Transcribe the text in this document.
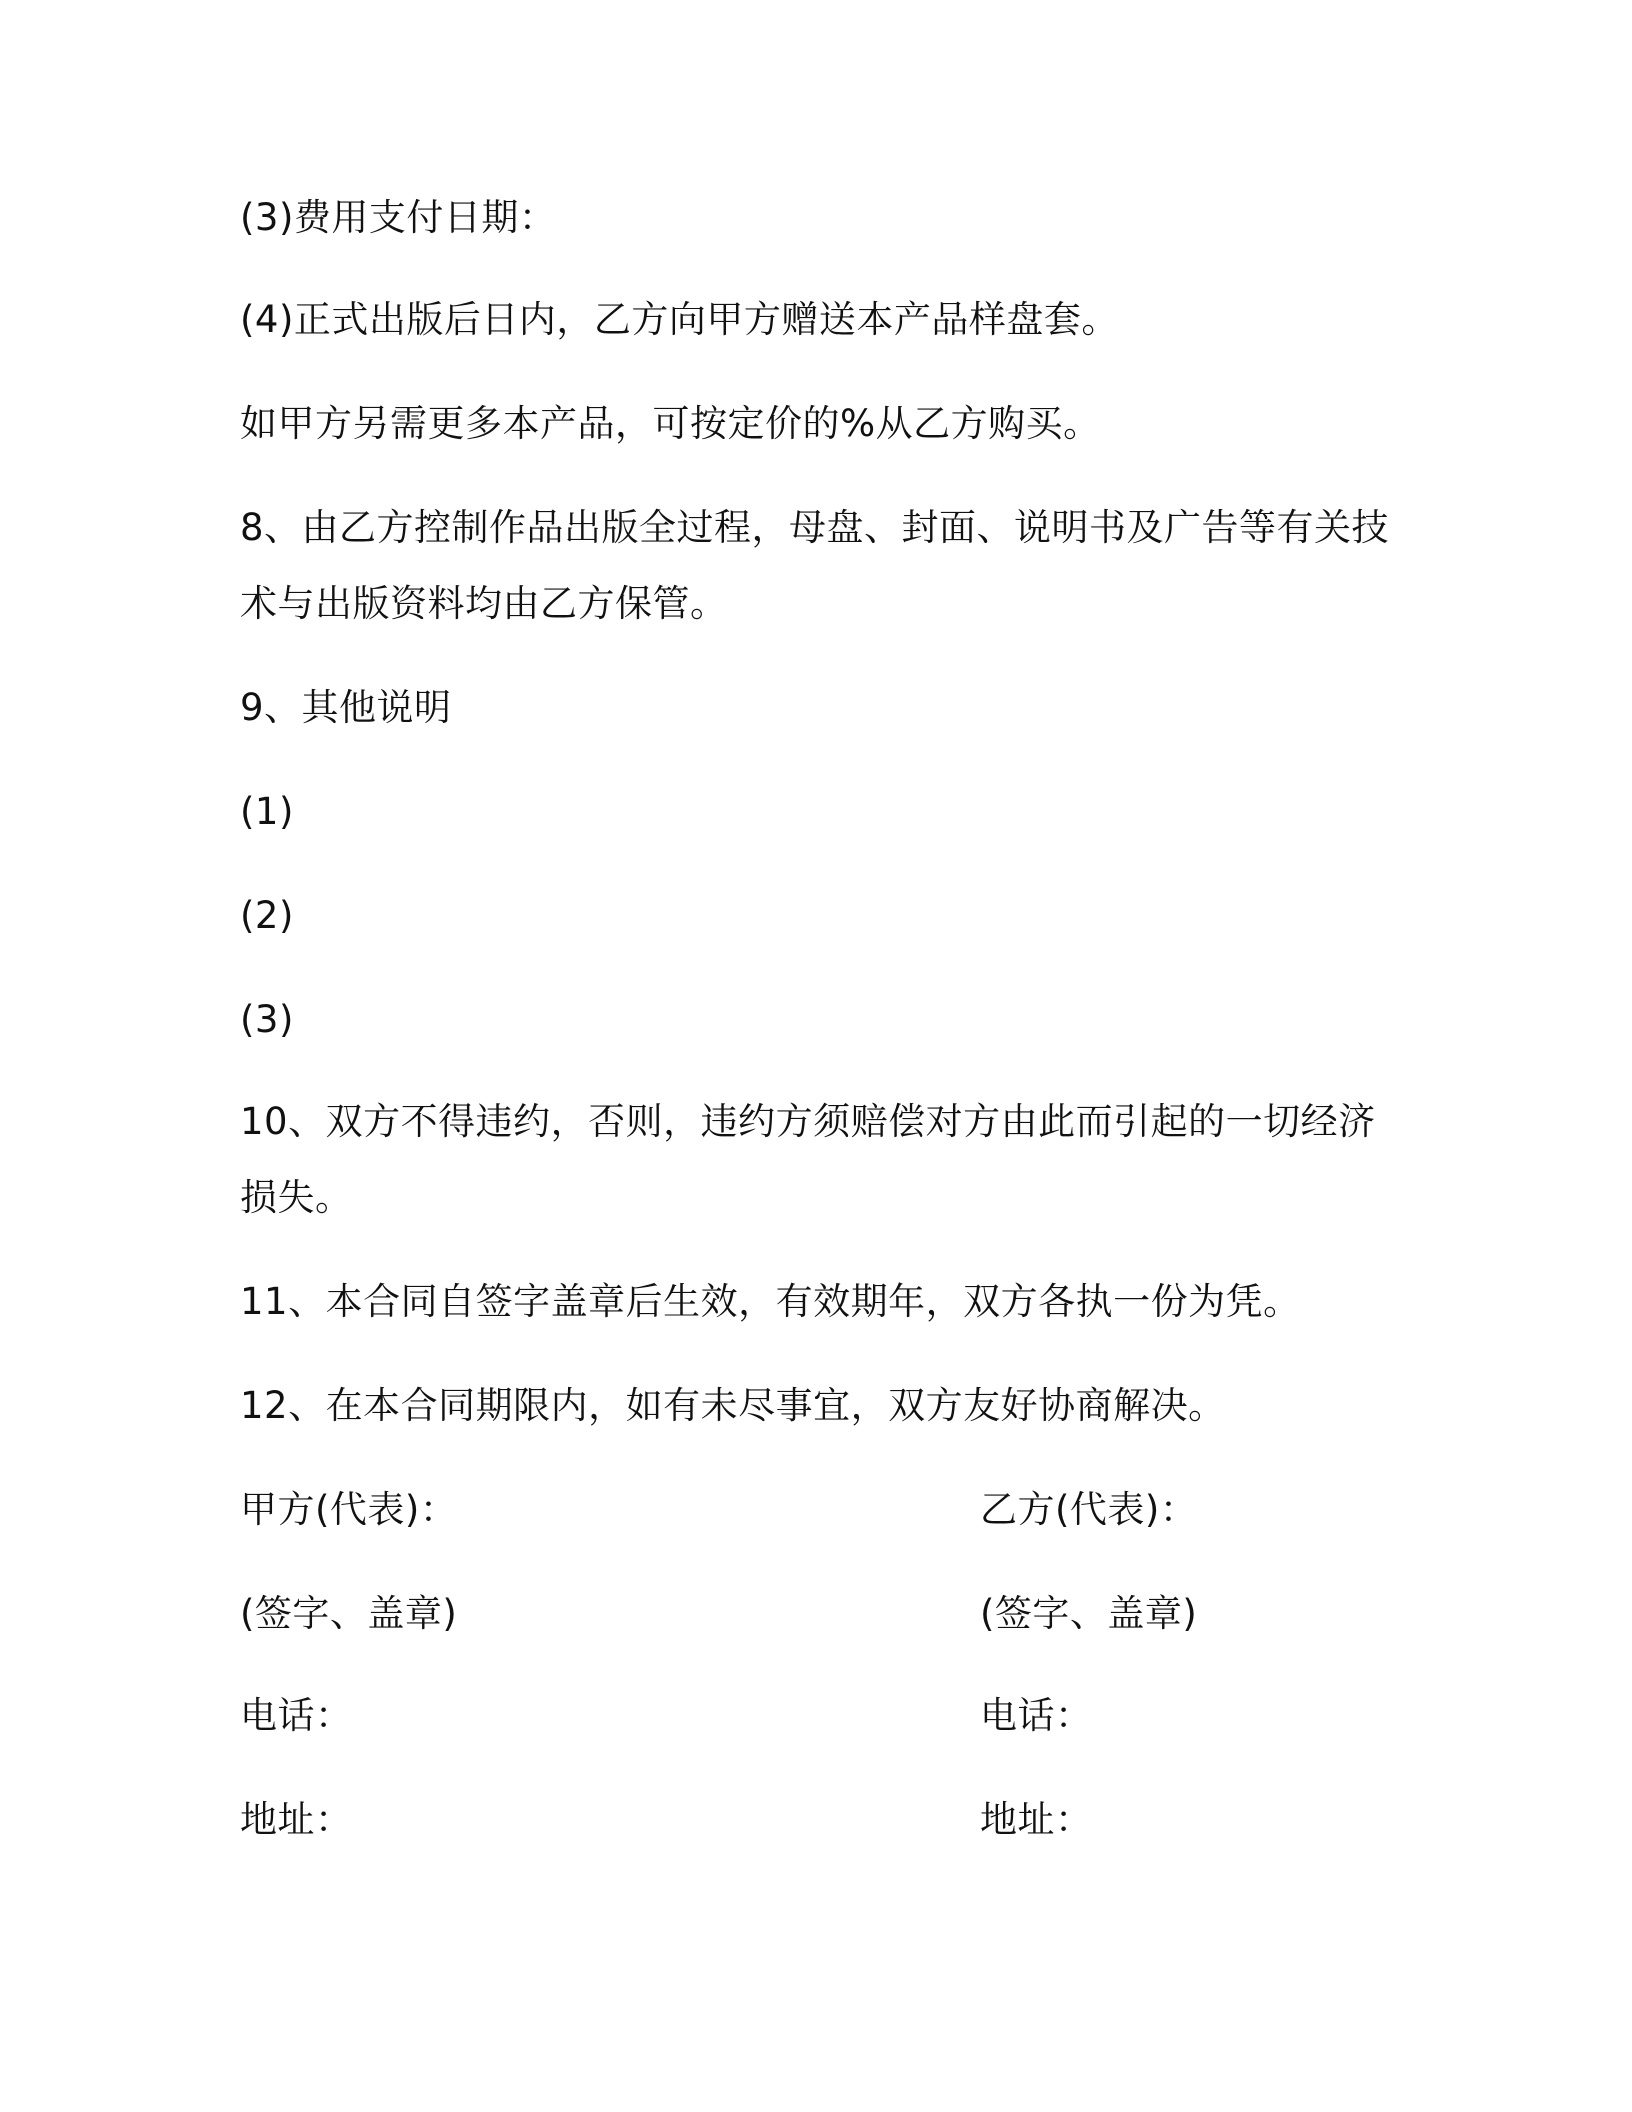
(3)费用支付日期：
(4)正式出版后日内，乙方向甲方赠送本产品样盘套。
如甲方另需更多本产品，可按定价的%从乙方购买。
8、由乙方控制作品出版全过程，母盘、封面、说明书及广告等有关技
术与出版资料均由乙方保管。
9、其他说明
(1)
(2)
(3)
10、双方不得违约，否则，违约方须赔偿对方由此而引起的一切经济
损失。
11、本合同自签字盖章后生效，有效期年，双方各执一份为凭。
12、在本合同期限内，如有未尽事宜，双方友好协商解决。
甲方(代表)：	乙方(代表)：
(签字、盖章)	(签字、盖章)
电话：	电话：
地址：	地址：
